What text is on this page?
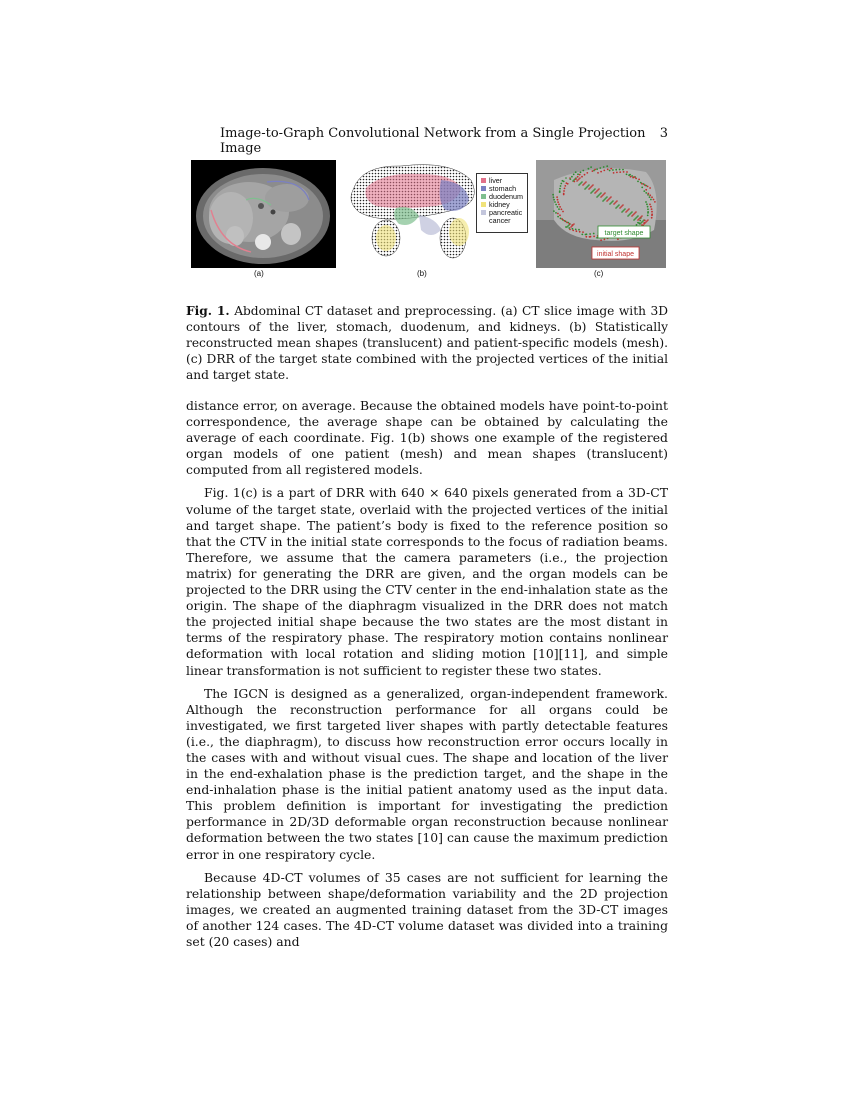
Image-to-Graph Convolutional Network from a Single Projection Image
3
(a)
liver
stomach
duodenum
kidney
pancreatic cancer
(b)
target shape
initial shape
(c)
Fig. 1. Abdominal CT dataset and preprocessing. (a) CT slice image with 3D contours of the liver, stomach, duodenum, and kidneys. (b) Statistically reconstructed mean shapes (translucent) and patient-specific models (mesh). (c) DRR of the target state combined with the projected vertices of the initial and target state.

distance error, on average. Because the obtained models have point-to-point correspondence, the average shape can be obtained by calculating the average of each coordinate. Fig. 1(b) shows one example of the registered organ models of one patient (mesh) and mean shapes (translucent) computed from all registered models.

Fig. 1(c) is a part of DRR with 640 × 640 pixels generated from a 3D-CT volume of the target state, overlaid with the projected vertices of the initial and target shape. The patient’s body is fixed to the reference position so that the CTV in the initial state corresponds to the focus of radiation beams. Therefore, we assume that the camera parameters (i.e., the projection matrix) for generating the DRR are given, and the organ models can be projected to the DRR using the CTV center in the end-inhalation state as the origin. The shape of the diaphragm visualized in the DRR does not match the projected initial shape because the two states are the most distant in terms of the respiratory phase. The respiratory motion contains nonlinear deformation with local rotation and sliding motion [10][11], and simple linear transformation is not sufficient to register these two states.

The IGCN is designed as a generalized, organ-independent framework. Although the reconstruction performance for all organs could be investigated, we first targeted liver shapes with partly detectable features (i.e., the diaphragm), to discuss how reconstruction error occurs locally in the cases with and without visual cues. The shape and location of the liver in the end-exhalation phase is the prediction target, and the shape in the end-inhalation phase is the initial patient anatomy used as the input data. This problem definition is important for investigating the prediction performance in 2D/3D deformable organ reconstruction because nonlinear deformation between the two states [10] can cause the maximum prediction error in one respiratory cycle.

Because 4D-CT volumes of 35 cases are not sufficient for learning the relationship between shape/deformation variability and the 2D projection images, we created an augmented training dataset from the 3D-CT images of another 124 cases. The 4D-CT volume dataset was divided into a training set (20 cases) and
